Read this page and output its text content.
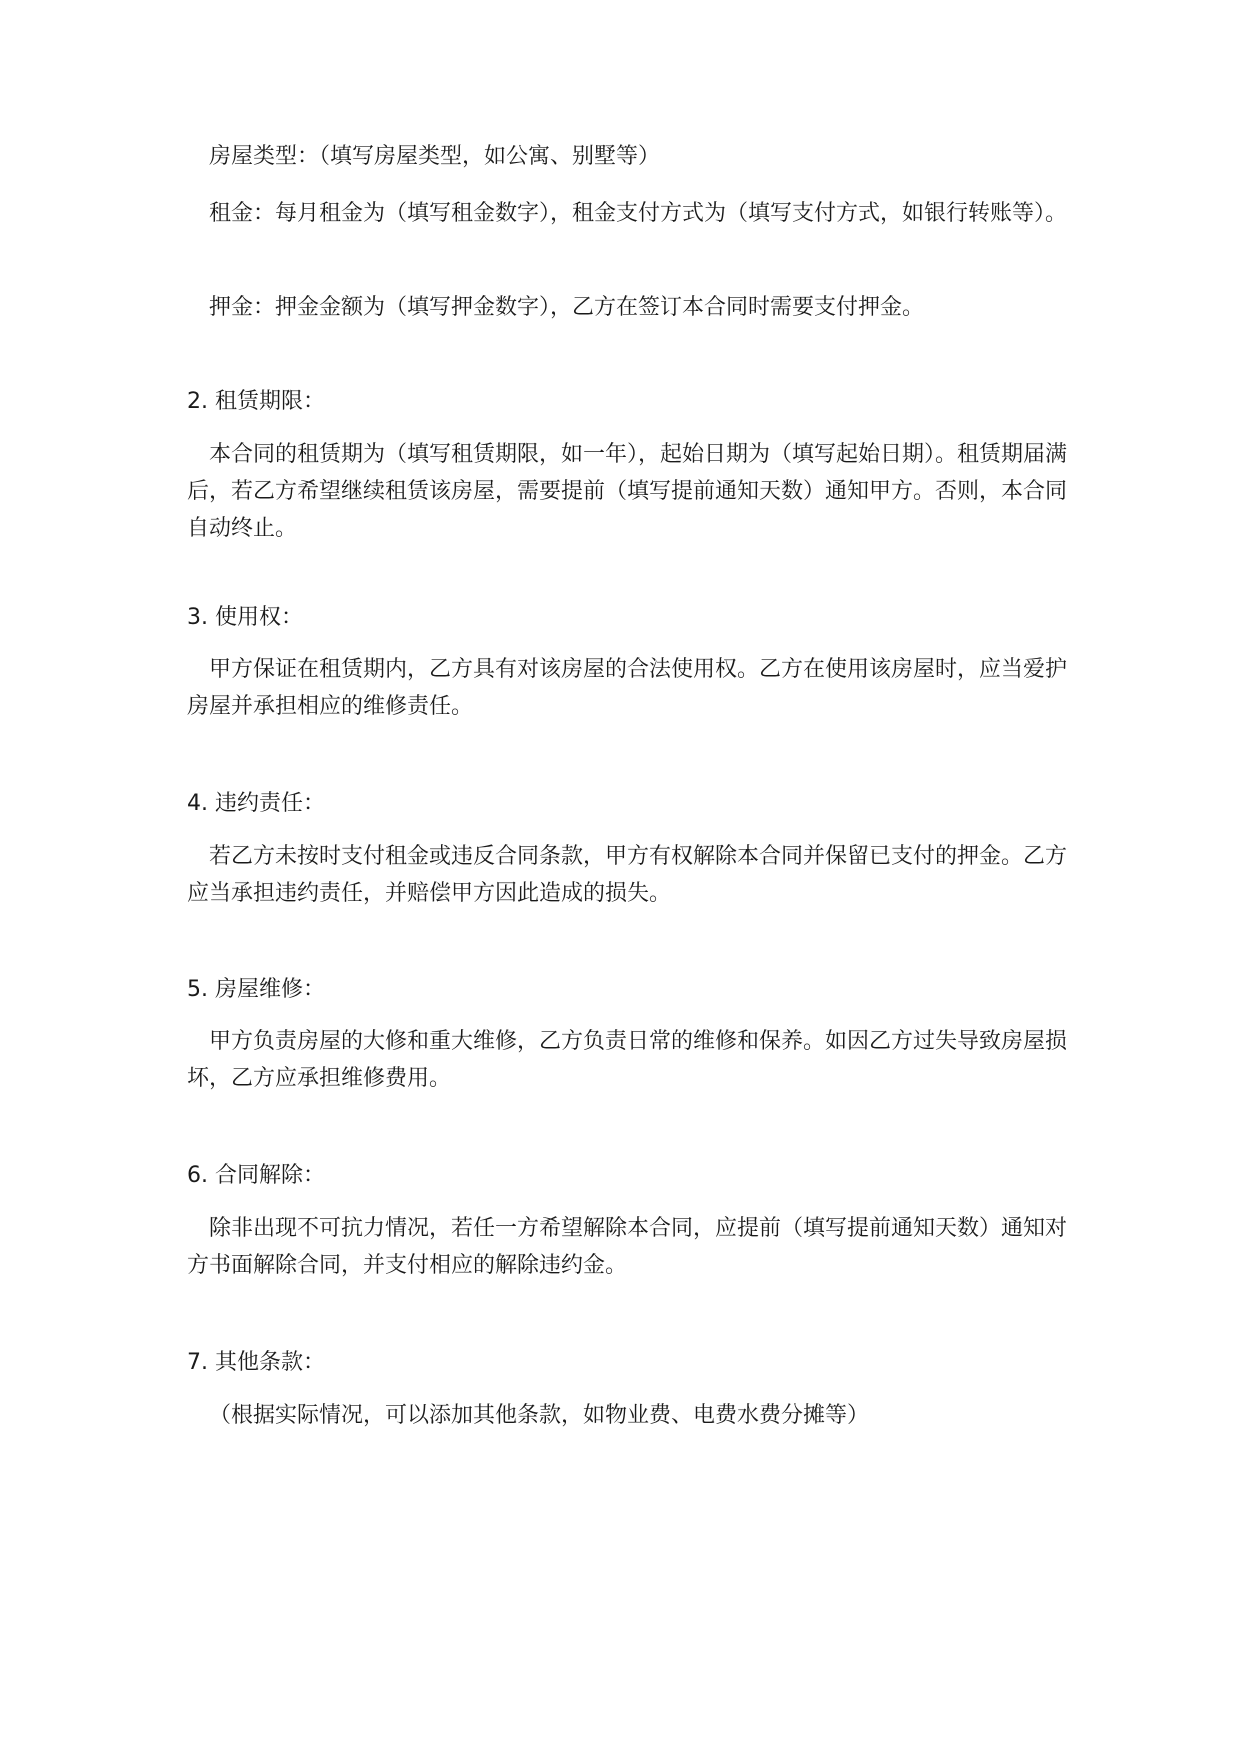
房屋类型：（填写房屋类型，如公寓、别墅等）
租金：每月租金为（填写租金数字），租金支付方式为（填写支付方式，如银行转账等）。
押金：押金金额为（填写押金数字），乙方在签订本合同时需要支付押金。
2. 租赁期限：
本合同的租赁期为（填写租赁期限，如一年），起始日期为（填写起始日期）。租赁期届满后，若乙方希望继续租赁该房屋，需要提前（填写提前通知天数）通知甲方。否则，本合同自动终止。
3. 使用权：
甲方保证在租赁期内，乙方具有对该房屋的合法使用权。乙方在使用该房屋时，应当爱护房屋并承担相应的维修责任。
4. 违约责任：
若乙方未按时支付租金或违反合同条款，甲方有权解除本合同并保留已支付的押金。乙方应当承担违约责任，并赔偿甲方因此造成的损失。
5. 房屋维修：
甲方负责房屋的大修和重大维修，乙方负责日常的维修和保养。如因乙方过失导致房屋损坏，乙方应承担维修费用。
6. 合同解除：
除非出现不可抗力情况，若任一方希望解除本合同，应提前（填写提前通知天数）通知对方书面解除合同，并支付相应的解除违约金。
7. 其他条款：
（根据实际情况，可以添加其他条款，如物业费、电费水费分摊等）
